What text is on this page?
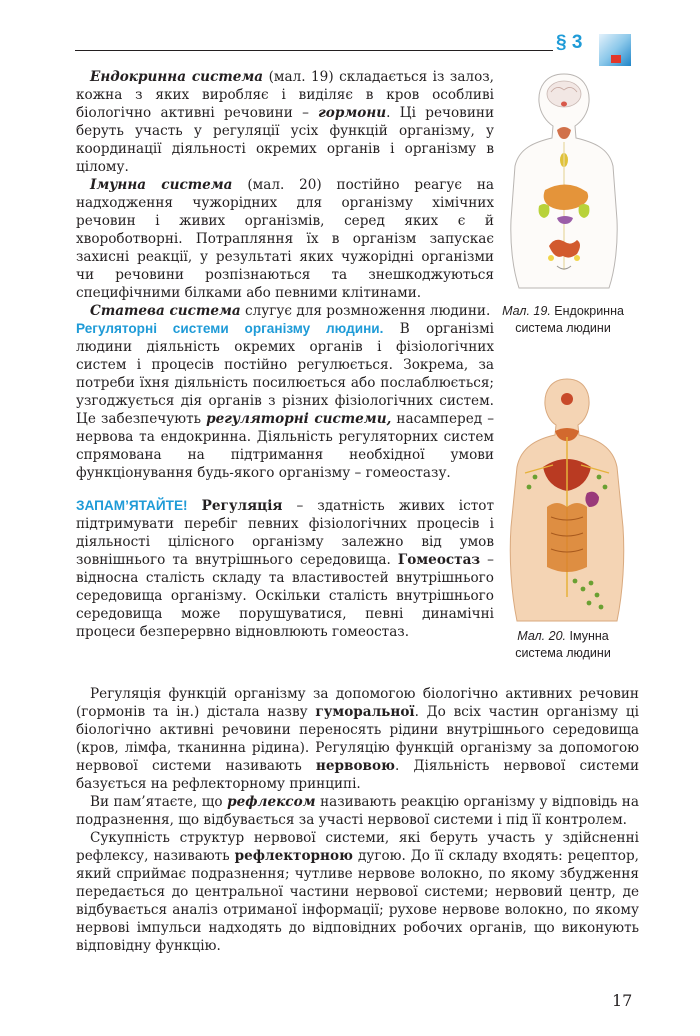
§ 3

Ендокринна система (мал. 19) складається із залоз, кожна з яких виробляє і виділяє в кров особливі біологічно активні речовини – гормони. Ці речовини беруть участь у регуляції усіх функцій організму, у координації діяльності окремих органів і організму в цілому.

Імунна система (мал. 20) постійно реагує на надходження чужорідних для організму хімічних речовин і живих організмів, серед яких є й хвороботворні. Потрапляння їх в організм запускає захисні реакції, у результаті яких чужорідні організми чи речовини розпізнаються та знешкоджуються специфічними білками або певними клітинами.

Статева система слугує для розмноження людини.

Регуляторні системи організму людини. В організмі людини діяльність окремих органів і фізіологічних систем і процесів постійно регулюється. Зокрема, за потреби їхня діяльність посилюється або послаблюється; узгоджується дія органів з різних фізіологічних систем. Це забезпечують регуляторні системи, насамперед – нервова та ендокринна. Діяльність регуляторних систем спрямована на підтримання необхідної умови функціонування будь-якого організму – гомеостазу.

ЗАПАМ’ЯТАЙТЕ! Регуляція – здатність живих істот підтримувати перебіг певних фізіологічних процесів і діяльності цілісного організму залежно від умов зовнішнього та внутрішнього середовища. Гомеостаз – відносна сталість складу та властивостей внутрішнього середовища організму. Оскільки сталість внутрішнього середовища може порушуватися, певні динамічні процеси безперервно відновлюють гомеостаз.

Мал. 19. Ендокринна
система людини
Мал. 20. Імунна
система людини

Регуляція функцій організму за допомогою біологічно активних речовин (гормонів та ін.) дістала назву гуморальної. До всіх частин організму ці біологічно активні речовини переносять рідини внутрішнього середовища (кров, лімфа, тканинна рідина). Регуляцію функцій організму за допомогою нервової системи називають нервовою. Діяльність нервової системи базується на рефлекторному принципі.

Ви пам’ятаєте, що рефлексом називають реакцію організму у відповідь на подразнення, що відбувається за участі нервової системи і під її контролем.

Сукупність структур нервової системи, які беруть участь у здійсненні рефлексу, називають рефлекторною дугою. До її складу входять: рецептор, який сприймає подразнення; чутливе нервове волокно, по якому збудження передається до центральної частини нервової системи; нервовий центр, де відбувається аналіз отриманої інформації; рухове нервове волокно, по якому нервові імпульси надходять до відповідних робочих органів, що виконують відповідну функцію.

17
